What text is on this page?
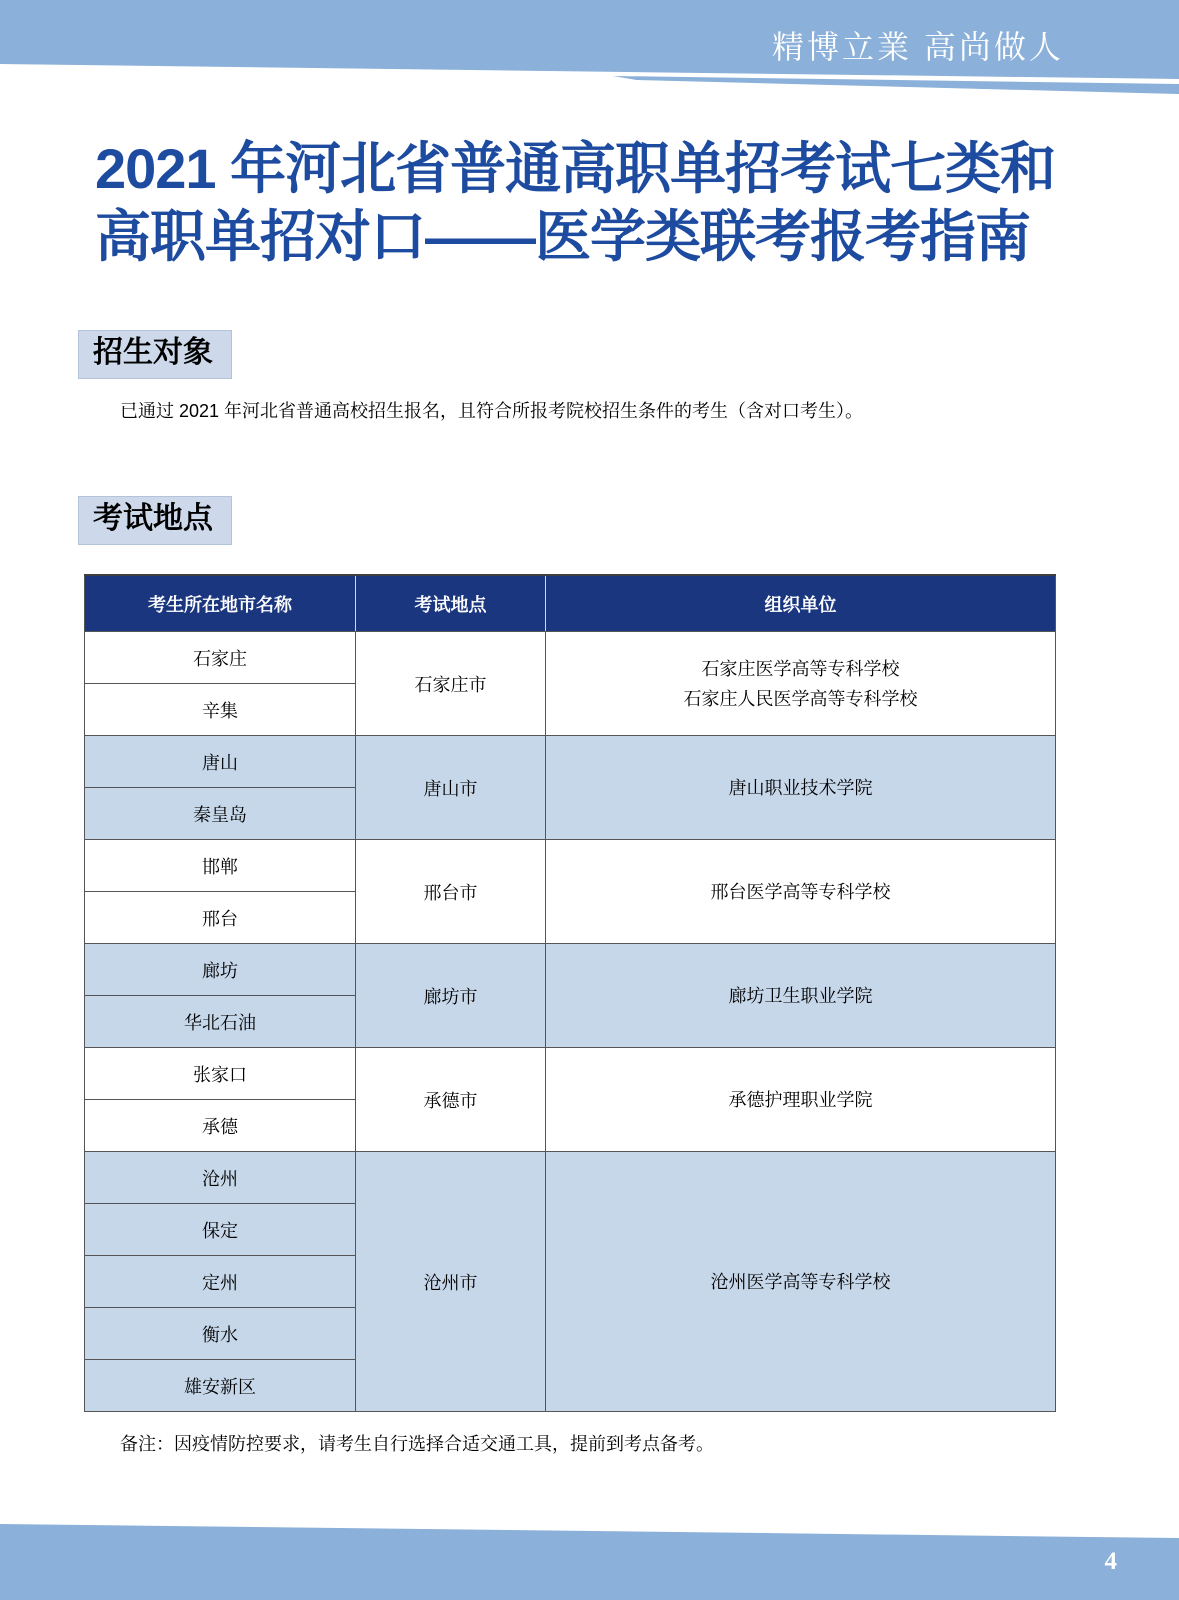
精博立業 高尚做人
2021 年河北省普通高职单招考试七类和
高职单招对口——医学类联考报考指南
招生对象

已通过 2021 年河北省普通高校招生报名，且符合所报考院校招生条件的考生（含对口考生）。

考试地点
考生所在地市名称	考试地点	组织单位
石家庄	石家庄市	石家庄医学高等专科学校
石家庄人民医学高等专科学校

辛集		
唐山	唐山市	唐山职业技术学院

秦皇岛		
邯郸	邢台市	邢台医学高等专科学校

邢台		
廊坊	廊坊市	廊坊卫生职业学院

华北石油		
张家口	承德市	承德护理职业学院

承德		
沧州	沧州市	沧州医学高等专科学校

保定		
定州		
衡水		
雄安新区		

备注：因疫情防控要求，请考生自行选择合适交通工具，提前到考点备考。

4
